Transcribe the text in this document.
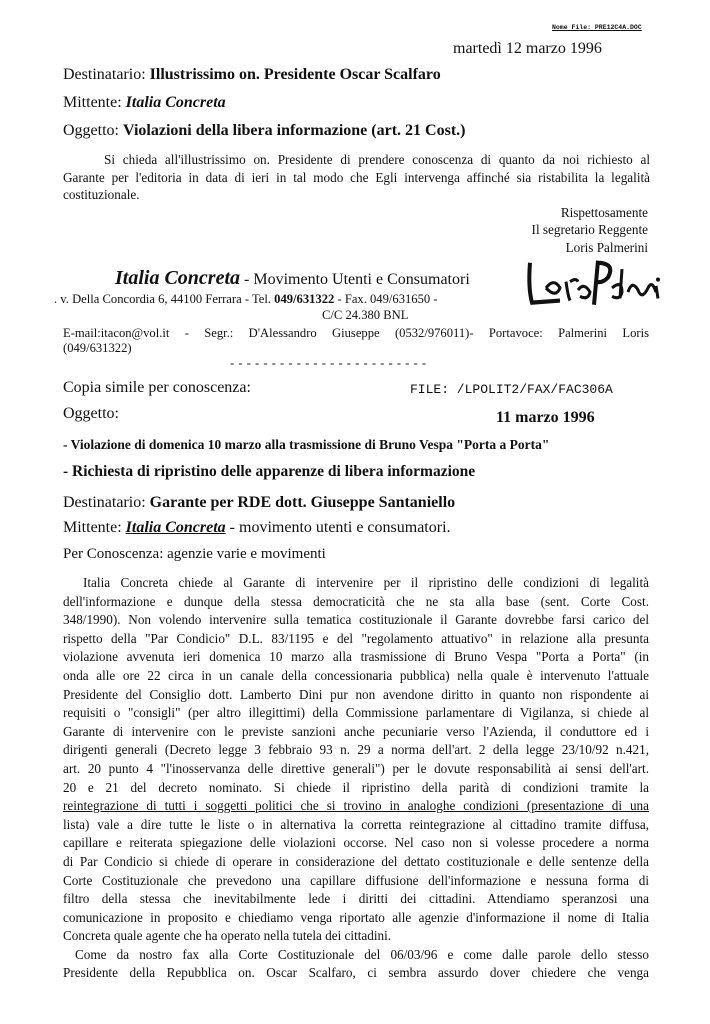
Nome File: PRE12C4A.DOC
martedì 12 marzo 1996
Destinatario: Illustrissimo on. Presidente Oscar Scalfaro
Mittente: Italia Concreta
Oggetto: Violazioni della libera informazione (art. 21 Cost.)
Si chieda all'illustrissimo on. Presidente di prendere conoscenza di quanto da noi richiesto al
Garante per l'editoria in data di ieri in tal modo che Egli intervenga affinché sia ristabilita la legalità
costituzionale.
Rispettosamente
Il segretario Reggente
Loris Palmerini
Italia Concreta - Movimento Utenti e Consumatori
. v. Della Concordia 6, 44100 Ferrara - Tel. 049/631322 - Fax. 049/631650 -
C/C 24.380 BNL
E-mail:itacon@vol.it - Segr.: D'Alessandro Giuseppe (0532/976011)- Portavoce: Palmerini Loris
(049/631322)
- - - - - - - - - - - - - - - - - - - - - - - -
Copia simile per conoscenza:	FILE: /LPOLIT2/FAX/FAC306A
Oggetto:	11 marzo 1996
- Violazione di domenica 10 marzo alla trasmissione di Bruno Vespa "Porta a Porta"
- Richiesta di ripristino delle apparenze di libera informazione
Destinatario: Garante per RDE dott. Giuseppe Santaniello
Mittente: Italia Concreta - movimento utenti e consumatori.
Per Conoscenza: agenzie varie e movimenti
Italia Concreta chiede al Garante di intervenire per il ripristino delle condizioni di legalità
dell'informazione e dunque della stessa democraticità che ne sta alla base (sent. Corte Cost.
348/1990). Non volendo intervenire sulla tematica costituzionale il Garante dovrebbe farsi carico del
rispetto della "Par Condicio" D.L. 83/1195 e del "regolamento attuativo" in relazione alla presunta
violazione avvenuta ieri domenica 10 marzo alla trasmissione di Bruno Vespa "Porta a Porta" (in
onda alle ore 22 circa in un canale della concessionaria pubblica) nella quale è intervenuto l'attuale
Presidente del Consiglio dott. Lamberto Dini pur non avendone diritto in quanto non rispondente ai
requisiti o "consigli" (per altro illegittimi) della Commissione parlamentare di Vigilanza, si chiede al
Garante di intervenire con le previste sanzioni anche pecuniarie verso l'Azienda, il conduttore ed i
dirigenti generali (Decreto legge 3 febbraio 93 n. 29 a norma dell'art. 2 della legge 23/10/92 n.421,
art. 20 punto 4 "l'inosservanza delle direttive generali") per le dovute responsabilità ai sensi dell'art.
20 e 21 del decreto nominato. Si chiede il ripristino della parità di condizioni tramite la
reintegrazione di tutti i soggetti politici che si trovino in analoghe condizioni (presentazione di una
lista) vale a dire tutte le liste o in alternativa la corretta reintegrazione al cittadino tramite diffusa,
capillare e reiterata spiegazione delle violazioni occorse. Nel caso non si volesse procedere a norma
di Par Condicio si chiede di operare in considerazione del dettato costituzionale e delle sentenze della
Corte Costituzionale che prevedono una capillare diffusione dell'informazione e nessuna forma di
filtro della stessa che inevitabilmente lede i diritti dei cittadini. Attendiamo speranzosi una
comunicazione in proposito e chiediamo venga riportato alle agenzie d'informazione il nome di Italia
Concreta quale agente che ha operato nella tutela dei cittadini.
Come da nostro fax alla Corte Costituzionale del 06/03/96 e come dalle parole dello stesso
Presidente della Repubblica on. Oscar Scalfaro, ci sembra assurdo dover chiedere che venga
